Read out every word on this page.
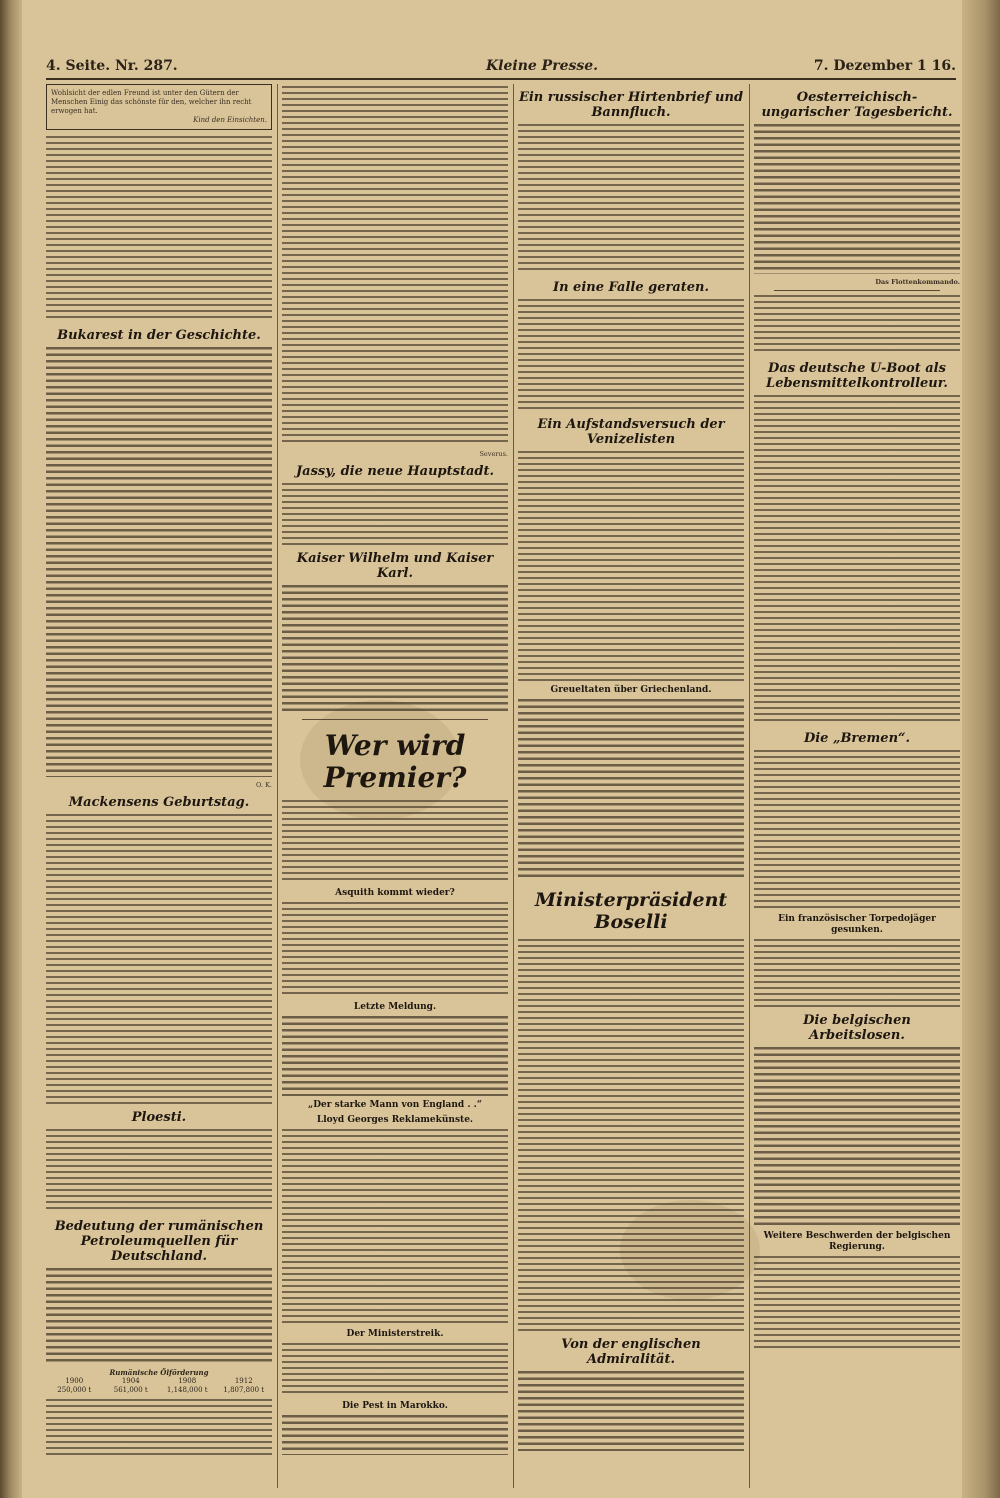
4. Seite. Nr. 287.	Kleine Presse.	7. Dezember 1 16.
Wohlsicht der edlen Freund ist unter den Gütern der Menschen Einig das schönste für den, welcher ihn recht erwogen hat.
Kind den Einsichten.
Bukarest in der Geschichte.
O. K.
Mackensens Geburtstag.
Ploesti.
Bedeutung der rumänischen Petroleumquellen für Deutschland.
Rumänische Ölförderung
1900	1904	1908	1912
250,000 t	561,000 t	1,148,000 t	1,807,800 t
Severus.
Jassy, die neue Hauptstadt.
Kaiser Wilhelm und Kaiser Karl.
Wer wird Premier?
Asquith kommt wieder?
Letzte Meldung.
„Der starke Mann von England . .“
Lloyd Georges Reklamekünste.
Der Ministerstreik.
Die Pest in Marokko.
Ein russischer Hirtenbrief und Bannfluch.
In eine Falle geraten.
Ein Aufstandsversuch der Venizelisten
Greueltaten über Griechenland.
Ministerpräsident Boselli
Von der englischen Admiralität.
Oesterreichisch-ungarischer Tagesbericht.
Das Flottenkommando.
Das deutsche U-Boot als Lebensmittelkontrolleur.
Die „Bremen“.
Ein französischer Torpedojäger gesunken.
Die belgischen Arbeitslosen.
Weitere Beschwerden der belgischen Regierung.
